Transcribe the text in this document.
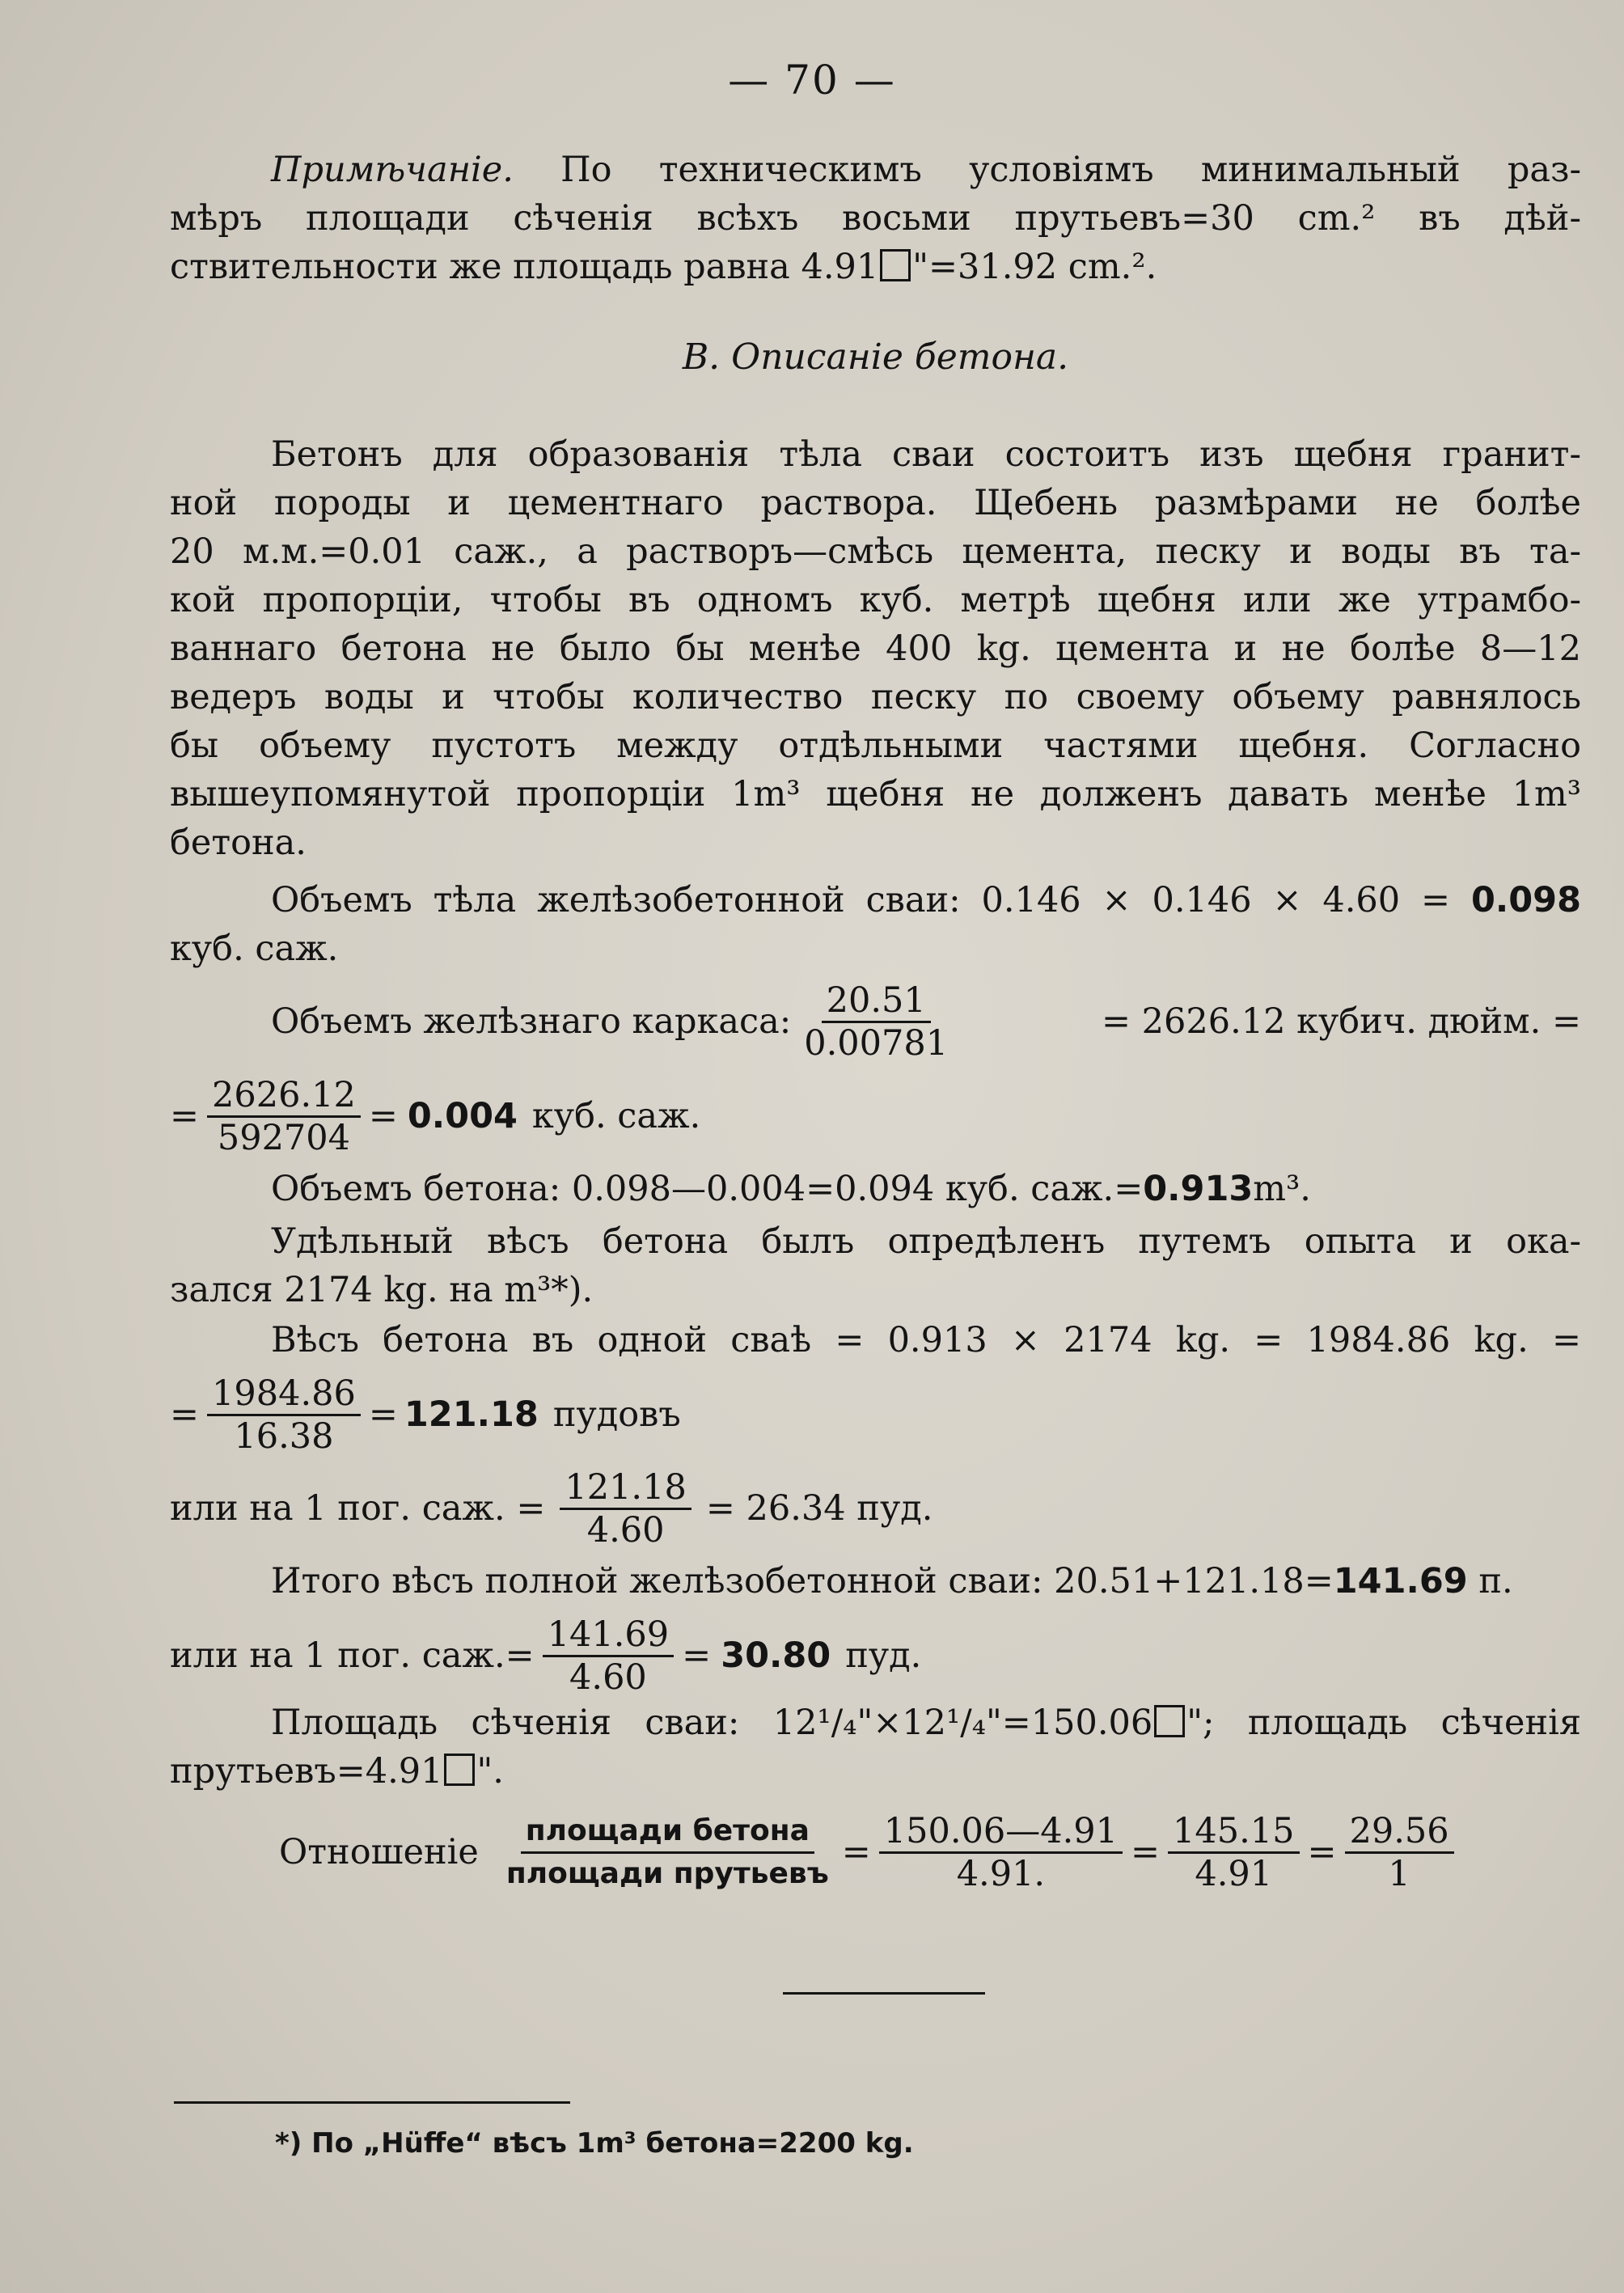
— 70 —
Примѣчаніе. По техническимъ условіямъ минимальный раз-
мѣръ площади сѣченія всѣхъ восьми прутьевъ=30 cm.² въ дѣй-
ствительности же площадь равна 4.91 "=31.92 cm.².
B. Описаніе бетона.
Бетонъ для образованія тѣла сваи состоитъ изъ щебня гранит-
ной породы и цементнаго раствора. Щебень размѣрами не болѣе
20 м.м.=0.01 саж., а растворъ—смѣсь цемента, песку и воды въ та-
кой пропорціи, чтобы въ одномъ куб. метрѣ щебня или же утрамбо-
ваннаго бетона не было бы менѣе 400 kg. цемента и не болѣе 8—12
ведеръ воды и чтобы количество песку по своему объему равнялось
бы объему пустотъ между отдѣльными частями щебня. Согласно
вышеупомянутой пропорціи 1m³ щебня не долженъ давать менѣе 1m³
бетона.
Объемъ тѣла желѣзобетонной сваи: 0.146 × 0.146 × 4.60 = 0.098
куб. саж.
Объемъ желѣзнаго каркаса: $\frac{20.51}{0.00781}$	= 2626.12 кубич. дюйм. =
= $\frac{2626.12}{592704} = 0.004$ куб. саж.
Объемъ бетона: 0.098—0.004=0.094 куб. саж.=0.913m³.
Удѣльный вѣсъ бетона былъ опредѣленъ путемъ опыта и ока-
зался 2174 kg. на m³*).
Вѣсъ бетона въ одной сваѣ = 0.913 × 2174 kg. = 1984.86 kg. =
= $\frac{1984.86}{16.38} = 121.18$ пудовъ
или на 1 пог. саж. = $\frac{121.18}{4.60} = 26.34$ пуд.
Итого вѣсъ полной желѣзобетонной сваи: 20.51+121.18=141.69 п.
или на 1 пог. $саж.= \frac{141.69}{4.60} = 30.80$ пуд.
Площадь сѣченія сваи: 12¹/₄"×12¹/₄"=150.06 "; площадь сѣченія
прутьевъ=4.91 ".
Отношеніе $\frac{\text{площади бетона}}{\text{площади прутьевъ}} = \frac{150.06—4.91}{4.91.} = \frac{145.15}{4.91} = \frac{29.56}{1}$
*) По „Hüffe“ вѣсъ 1m³ бетона=2200 kg.
